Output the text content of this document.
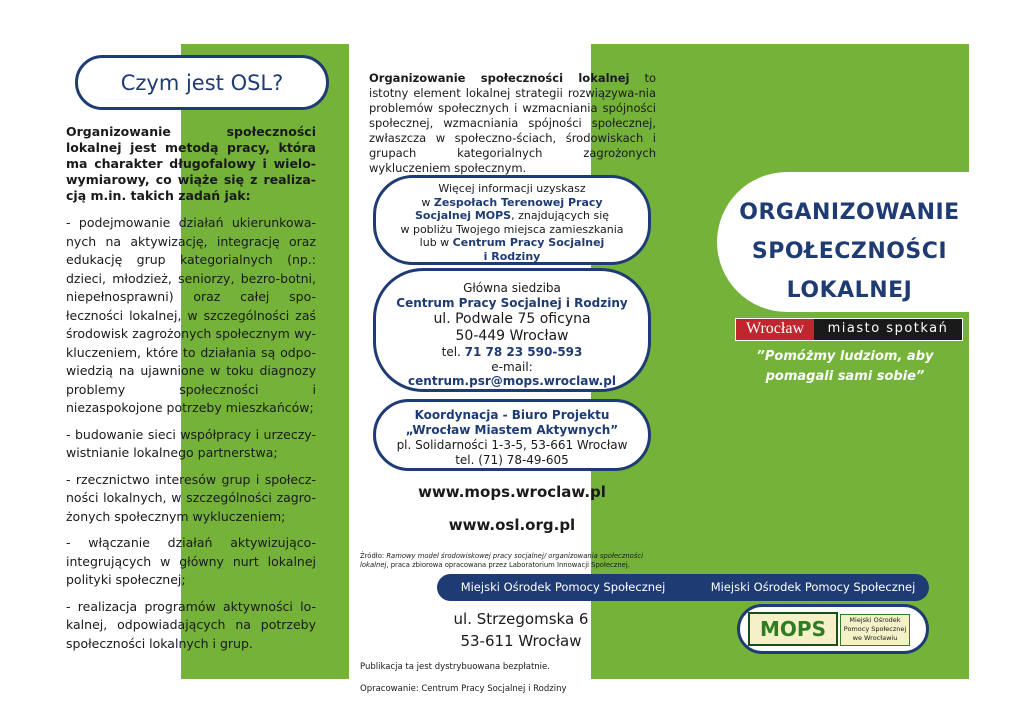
Czym jest OSL?
Organizowanie społeczności lokalnej jest metodą pracy, która ma charakter długofalowy i wielo-wymiarowy, co wiąże się z realiza-cją m.in. takich zadań jak:

- podejmowanie działań ukierunkowa-nych na aktywizację, integrację oraz edukację grup kategorialnych (np.: dzieci, młodzież, seniorzy, bezro-botni, niepełnosprawni) oraz całej spo-łeczności lokalnej, w szczególności zaś środowisk zagrożonych społecznym wy-kluczeniem, które to działania są odpo-wiedzią na ujawnione w toku diagnozy problemy społeczności i niezaspokojone potrzeby mieszkańców;

- budowanie sieci współpracy i urzeczy-wistnianie lokalnego partnerstwa;

- rzecznictwo interesów grup i społecz-ności lokalnych, w szczególności zagro-żonych społecznym wykluczeniem;

- włączanie działań aktywizująco-integrujących w główny nurt lokalnej polityki społecznej;

- realizacja programów aktywności lo-kalnej, odpowiadających na potrzeby społeczności lokalnych i grup.

Organizowanie społeczności lokalnej to istotny element lokalnej strategii rozwiązywa-nia problemów społecznych i wzmacniania spójności społecznej, wzmacniania spójności społecznej, zwłaszcza w społeczno-ściach, środowiskach i grupach kategorialnych zagrożonych wykluczeniem społecznym.
Więcej informacji uzyskasz
w Zespołach Terenowej Pracy
Socjalnej MOPS, znajdujących się
w pobliżu Twojego miejsca zamieszkania
lub w Centrum Pracy Socjalnej
i Rodziny
Główna siedziba
Centrum Pracy Socjalnej i Rodziny
ul. Podwale 75 oficyna
50-449 Wrocław
tel. 71 78 23 590-593
e-mail:
centrum.psr@mops.wroclaw.pl
Koordynacja - Biuro Projektu
„Wrocław Miastem Aktywnych”
pl. Solidarności 1-3-5, 53-661 Wrocław
tel. (71) 78-49-605
www.mops.wroclaw.pl
www.osl.org.pl
Źródło: Ramowy model środowiskowej pracy socjalnej/ organizowania społeczności lokalnej, praca zbiorowa opracowana przez Laboratorium Innowacji Społecznej.
Miejski Ośrodek Pomocy Społecznej	Miejski Ośrodek Pomocy Społecznej
ul. Strzegomska 6
53-611 Wrocław
Publikacja ta jest dystrybuowana bezpłatnie.
Opracowanie: Centrum Pracy Socjalnej i Rodziny
ORGANIZOWANIE
SPOŁECZNOŚCI
LOKALNEJ
Wrocław	miasto spotkań
”Pomóżmy ludziom, aby
pomagali sami sobie”
MOPS	Miejski Ośrodek
Pomocy Społecznej
we Wrocławiu
